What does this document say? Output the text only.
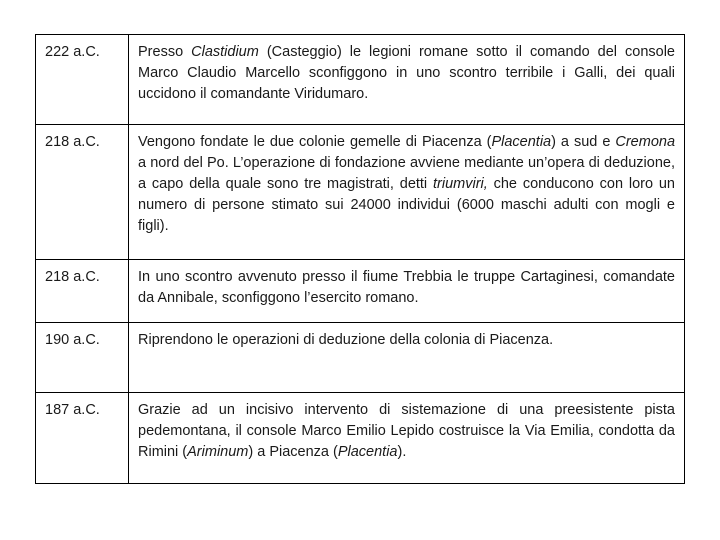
222 a.C.	Presso Clastidium (Casteggio) le legioni romane sotto il comando del console Marco Claudio Marcello sconfiggono in uno scontro terribile i Galli, dei quali uccidono il comandante Viridumaro.
218 a.C.	Vengono fondate le due colonie gemelle di Piacenza (Placentia) a sud e Cremona a nord del Po. L’operazione di fondazione avviene mediante un’opera di deduzione, a capo della quale sono tre magistrati, detti triumviri, che conducono con loro un numero di persone stimato sui 24000 individui (6000 maschi adulti con mogli e figli).
218 a.C.	In uno scontro avvenuto presso il fiume Trebbia le truppe Cartaginesi, comandate da Annibale, sconfiggono l’esercito romano.
190 a.C.	Riprendono le operazioni di deduzione della colonia di Piacenza.
187 a.C.	Grazie ad un incisivo intervento di sistemazione di una preesistente pista pedemontana, il console Marco Emilio Lepido costruisce la Via Emilia, condotta da Rimini (Ariminum) a Piacenza (Placentia).
